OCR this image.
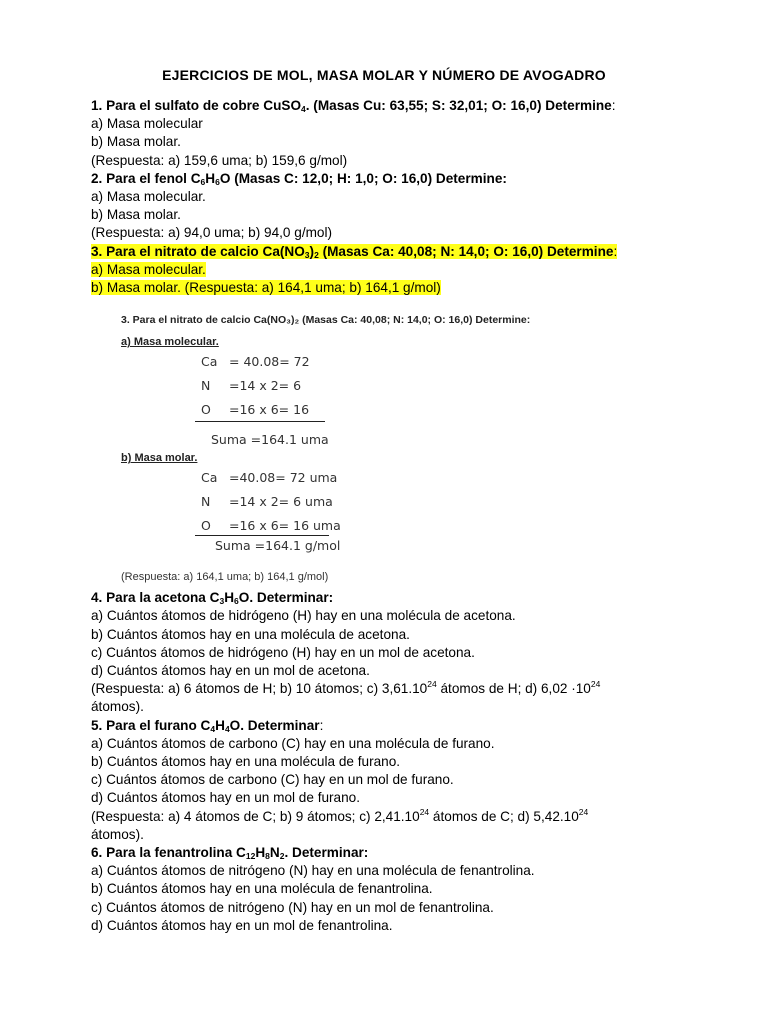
EJERCICIOS DE MOL, MASA MOLAR Y NÚMERO DE AVOGADRO
1. Para el sulfato de cobre CuSO$_4$. (Masas Cu: 63,55; S: 32,01; O: 16,0) Determine:
a) Masa molecular
b) Masa molar.
(Respuesta: a) 159,6 uma; b) 159,6 g/mol)
2. Para el fenol $C_6H_6O$ (Masas C: 12,0; H: 1,0; O: 16,0) Determine:
a) Masa molecular.
b) Masa molar.
(Respuesta: a) 94,0 uma; b) 94,0 g/mol)
3. Para el nitrato de calcio $Ca(NO_3)_2$ (Masas Ca: 40,08; N: 14,0; O: 16,0) Determine:
a) Masa molecular.
b) Masa molar. (Respuesta: a) 164,1 uma; b) 164,1 g/mol)
3. Para el nitrato de calcio Ca(NO₃)₂ (Masas Ca: 40,08; N: 14,0; O: 16,0) Determine:
a) Masa molecular.
Ca = 40.08= 72
N =14 x 2= 6
O =16 x 6= 16
Suma =164.1 uma
b) Masa molar.
Ca =40.08= 72 uma
N =14 x 2= 6 uma
O =16 x 6= 16 uma
Suma =164.1 g/mol
(Respuesta: a) 164,1 uma; b) 164,1 g/mol)
4. Para la acetona $C_3H_6O$. Determinar:
a) Cuántos átomos de hidrógeno (H) hay en una molécula de acetona.
b) Cuántos átomos hay en una molécula de acetona.
c) Cuántos átomos de hidrógeno (H) hay en un mol de acetona.
d) Cuántos átomos hay en un mol de acetona.
(Respuesta: a) 6 átomos de H; b) 10 átomos; c) 3,61.10$^{24}$ átomos de H; d) $6,02 \cdot 10^{24}$
átomos).
5. Para el furano $C_4H_4O$. Determinar:
a) Cuántos átomos de carbono (C) hay en una molécula de furano.
b) Cuántos átomos hay en una molécula de furano.
c) Cuántos átomos de carbono (C) hay en un mol de furano.
d) Cuántos átomos hay en un mol de furano.
(Respuesta: a) 4 átomos de C; b) 9 átomos; c) 2,41.10$^{24}$ átomos de C; d) 5,42.10$^{24}$
átomos).
6. Para la fenantrolina $C_{12}H_8N_2$. Determinar:
a) Cuántos átomos de nitrógeno (N) hay en una molécula de fenantrolina.
b) Cuántos átomos hay en una molécula de fenantrolina.
c) Cuántos átomos de nitrógeno (N) hay en un mol de fenantrolina.
d) Cuántos átomos hay en un mol de fenantrolina.
